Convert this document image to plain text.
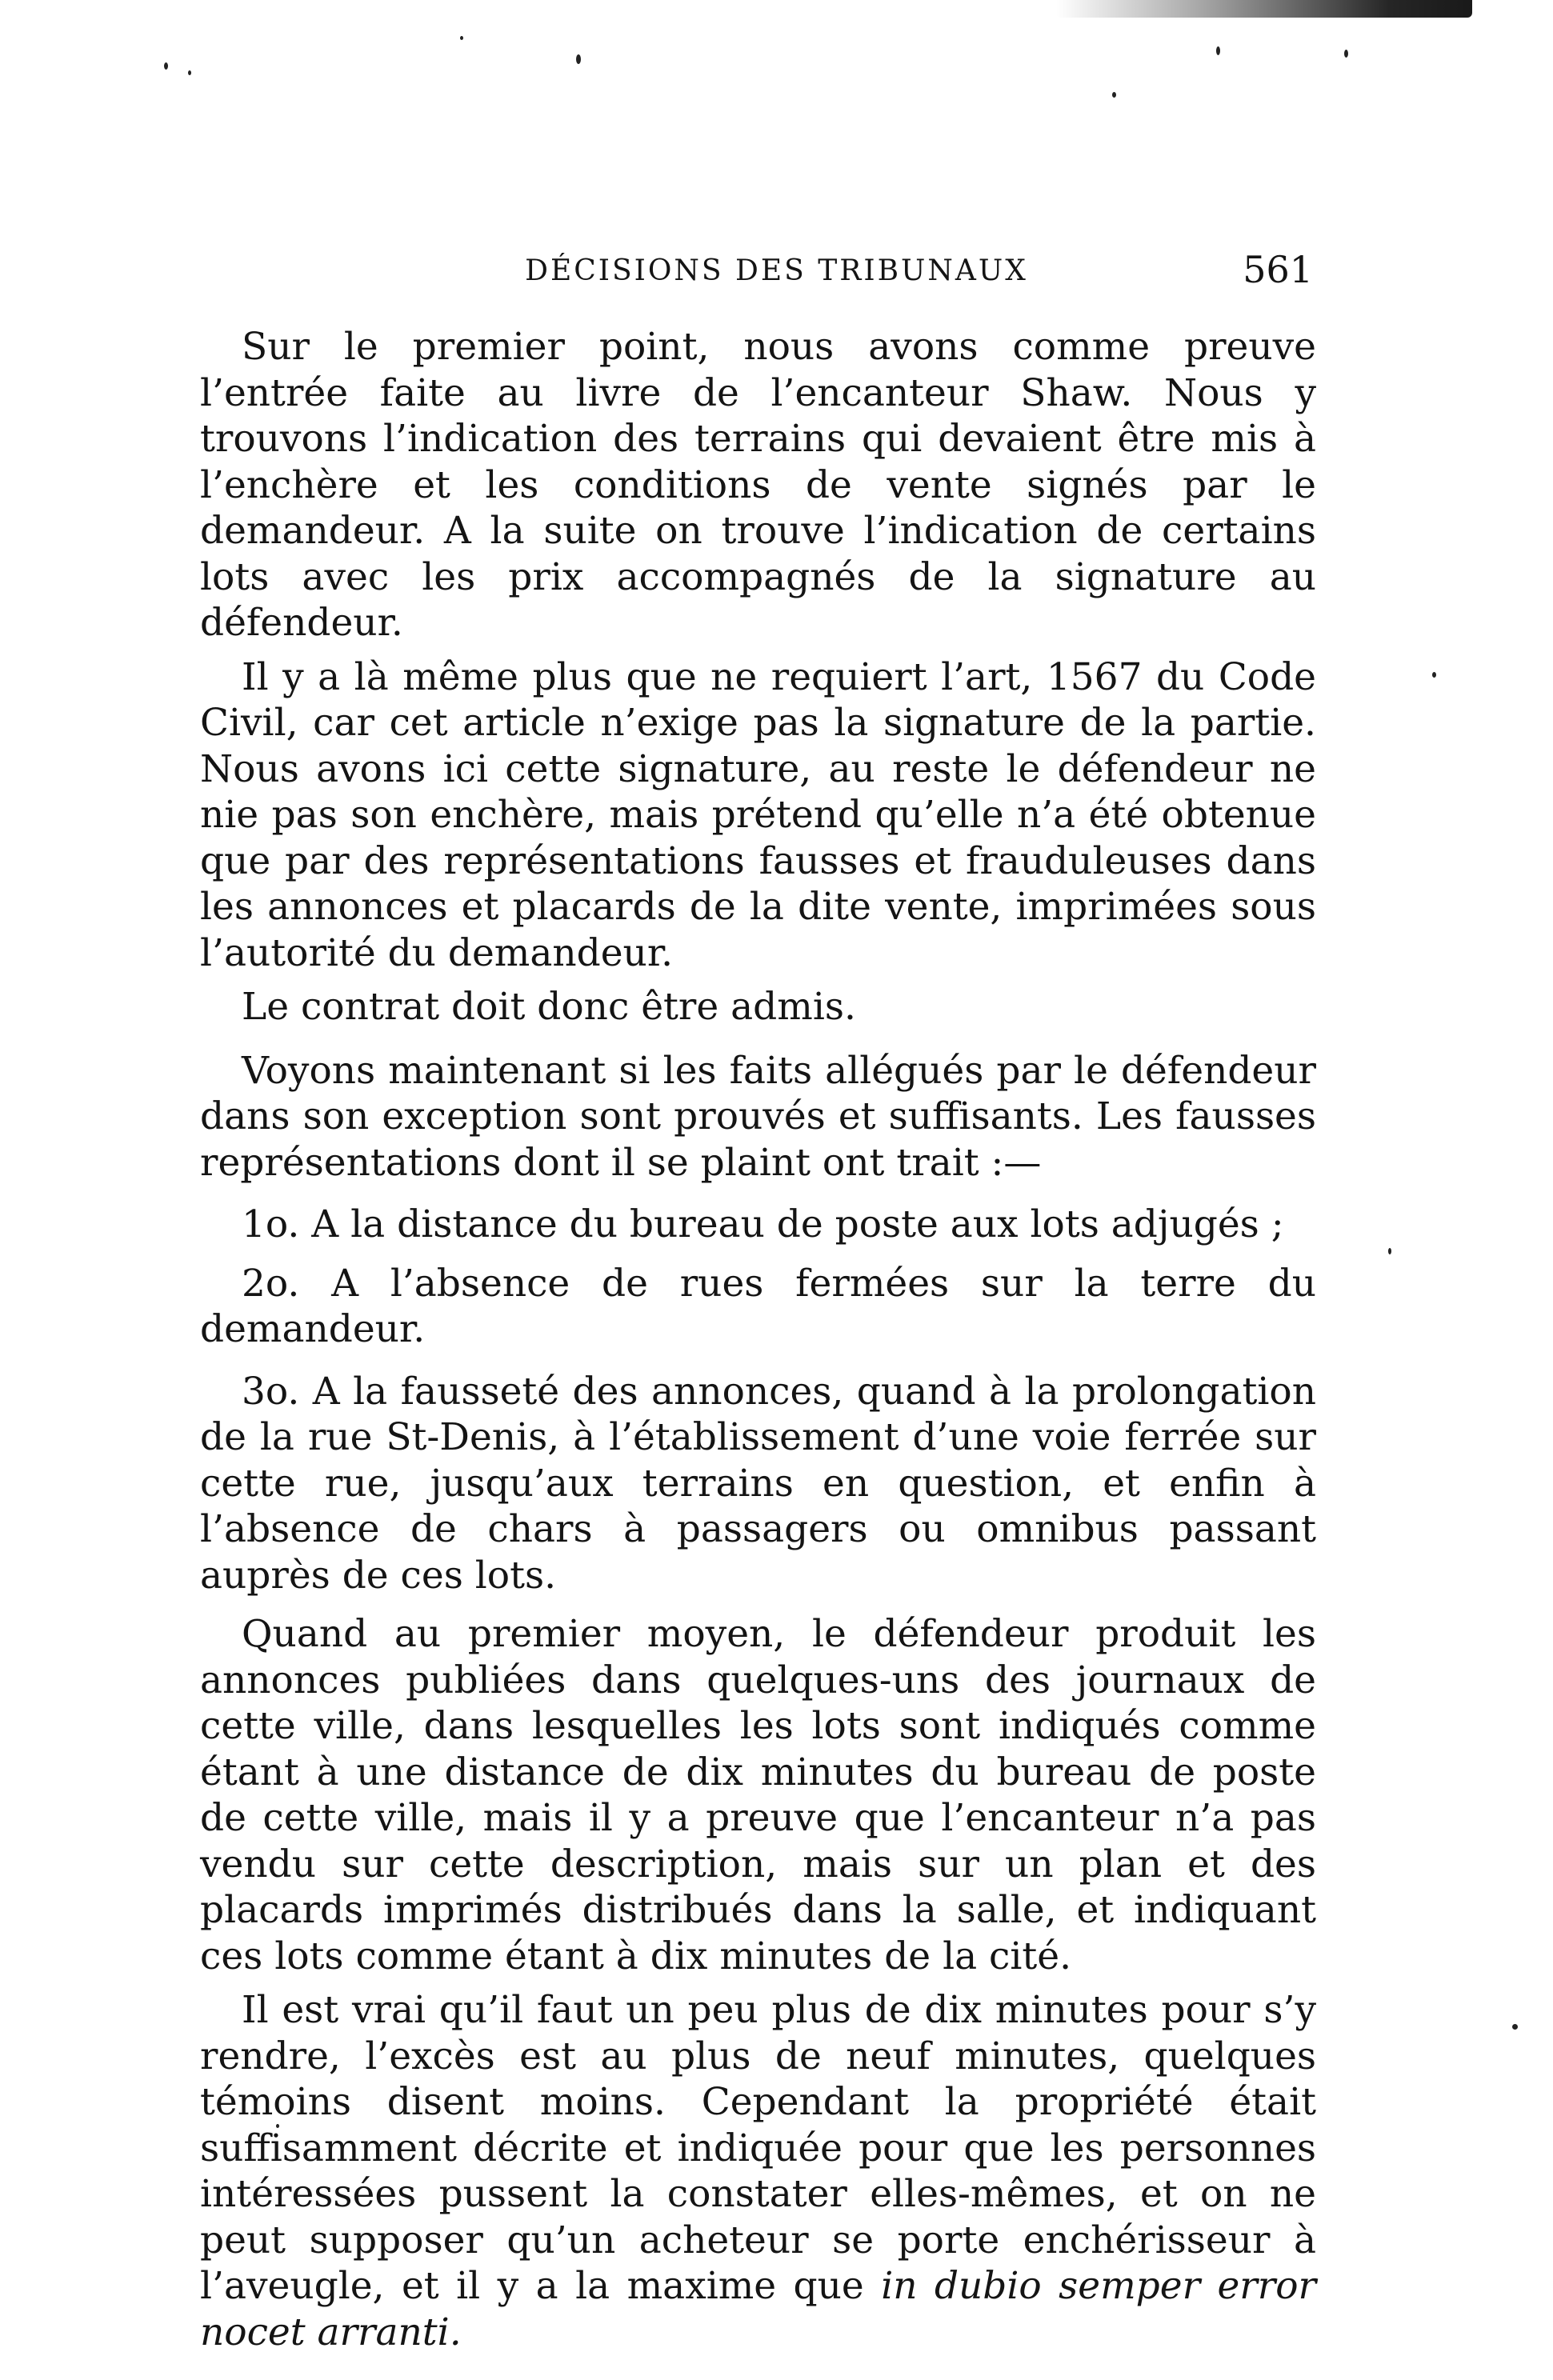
DÉCISIONS DES TRIBUNAUX	561

Sur le premier point, nous avons comme preuve l’entrée faite au livre de l’encanteur Shaw. Nous y trouvons l’indication des terrains qui devaient être mis à l’enchère et les conditions de vente signés par le demandeur. A la suite on trouve l’indication de certains lots avec les prix accompagnés de la signature au défendeur.

Il y a là même plus que ne requiert l’art, 1567 du Code Civil, car cet article n’exige pas la signature de la partie. Nous avons ici cette signature, au reste le défendeur ne nie pas son enchère, mais prétend qu’elle n’a été obtenue que par des représentations fausses et frauduleuses dans les annonces et placards de la dite vente, imprimées sous l’autorité du demandeur.

Le contrat doit donc être admis.

Voyons maintenant si les faits allégués par le défendeur dans son exception sont prouvés et suffisants. Les fausses représentations dont il se plaint ont trait :—

1o. A la distance du bureau de poste aux lots adjugés ;

2o. A l’absence de rues fermées sur la terre du demandeur.

3o. A la fausseté des annonces, quand à la prolongation de la rue St-Denis, à l’établissement d’une voie ferrée sur cette rue, jusqu’aux terrains en question, et enfin à l’absence de chars à passagers ou omnibus passant auprès de ces lots.

Quand au premier moyen, le défendeur produit les annonces publiées dans quelques-uns des journaux de cette ville, dans lesquelles les lots sont indiqués comme étant à une distance de dix minutes du bureau de poste de cette ville, mais il y a preuve que l’encanteur n’a pas vendu sur cette description, mais sur un plan et des placards imprimés distribués dans la salle, et indiquant ces lots comme étant à dix minutes de la cité.

Il est vrai qu’il faut un peu plus de dix minutes pour s’y rendre, l’excès est au plus de neuf minutes, quelques témoins disent moins. Cependant la propriété était suffisamment décrite et indiquée pour que les personnes intéressées pussent la constater elles-mêmes, et on ne peut supposer qu’un acheteur se porte enchérisseur à l’aveugle, et il y a la maxime que in dubio semper error nocet arranti.
